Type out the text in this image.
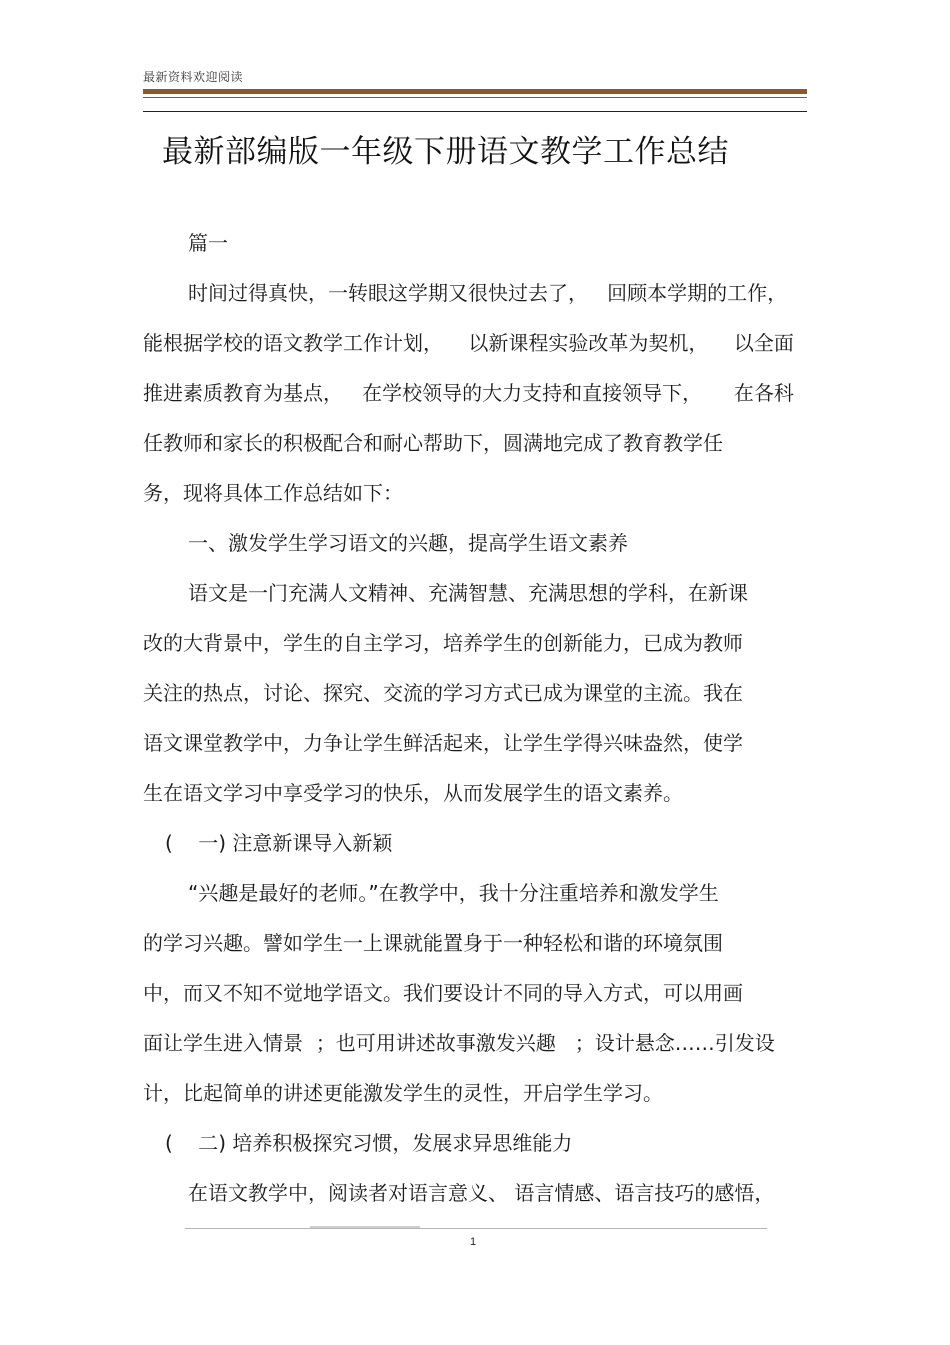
最新资料欢迎阅读
最新部编版一年级下册语文教学工作总结
篇一
时间过得真快，一转眼这学期又很快过去了，   回顾本学期的工作，
能根据学校的语文教学工作计划，    以新课程实验改革为契机，    以全面
推进素质教育为基点，   在学校领导的大力支持和直接领导下，     在各科
任教师和家长的积极配合和耐心帮助下，圆满地完成了教育教学任
务，现将具体工作总结如下：
一、激发学生学习语文的兴趣，提高学生语文素养
语文是一门充满人文精神、充满智慧、充满思想的学科，在新课
改的大背景中，学生的自主学习，培养学生的创新能力，已成为教师
关注的热点，讨论、探究、交流的学习方式已成为课堂的主流。我在
语文课堂教学中，力争让学生鲜活起来，让学生学得兴味盎然，使学
生在语文学习中享受学习的快乐，从而发展学生的语文素养。
(    一) 注意新课导入新颖
“兴趣是最好的老师。”在教学中，我十分注重培养和激发学生
的学习兴趣。譬如学生一上课就能置身于一种轻松和谐的环境氛围
中，而又不知不觉地学语文。我们要设计不同的导入方式，可以用画
面让学生进入情景  ；也可用讲述故事激发兴趣   ；设计悬念……引发设
计，比起简单的讲述更能激发学生的灵性，开启学生学习。
(    二) 培养积极探究习惯，发展求异思维能力
在语文教学中，阅读者对语言意义、 语言情感、语言技巧的感悟，
1
